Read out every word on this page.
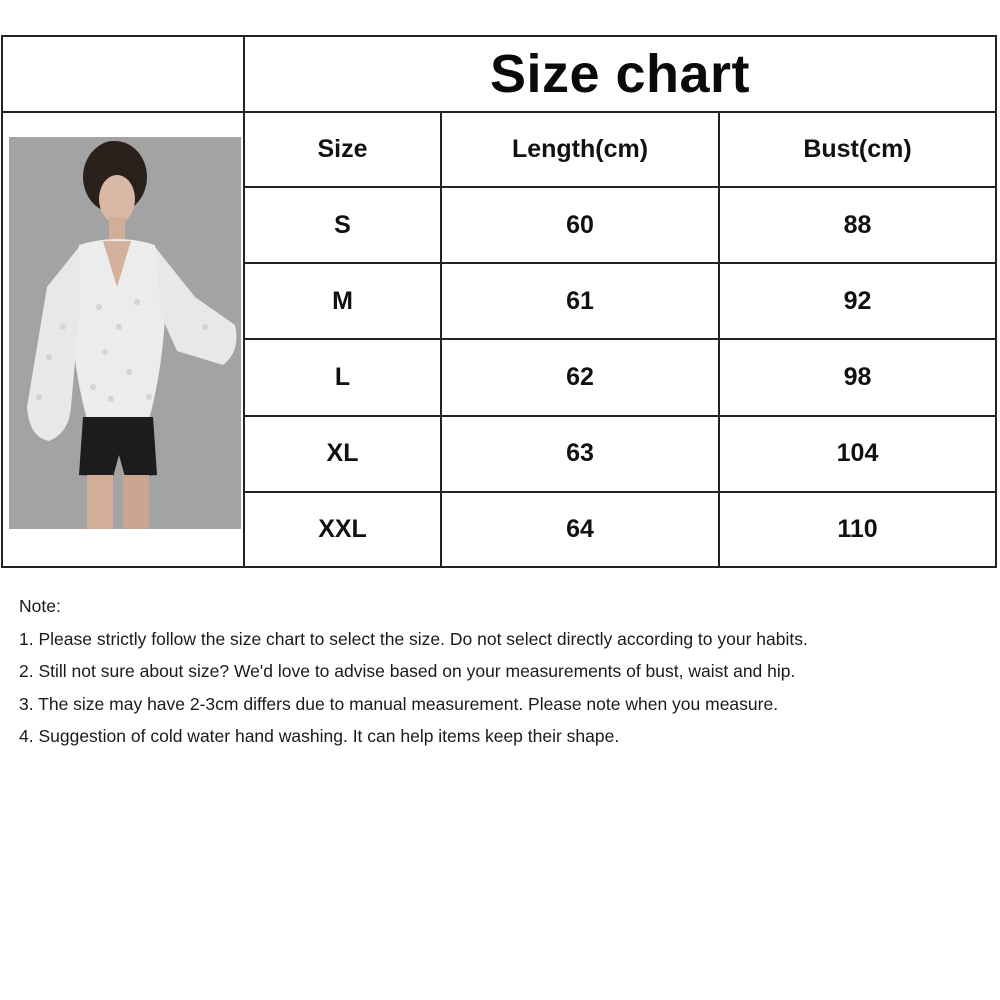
Size chart
Size	Length(cm)	Bust(cm)
S	60	88
M	61	92
L	62	98
XL	63	104
XXL	64	110
Note:
1. Please strictly follow the size chart to select the size. Do not select directly according to your habits.
2. Still not sure about size? We'd love to advise based on your measurements of bust, waist and hip.
3. The size may have 2-3cm differs due to manual measurement. Please note when you measure.
4. Suggestion of cold water hand washing. It can help items keep their shape.
